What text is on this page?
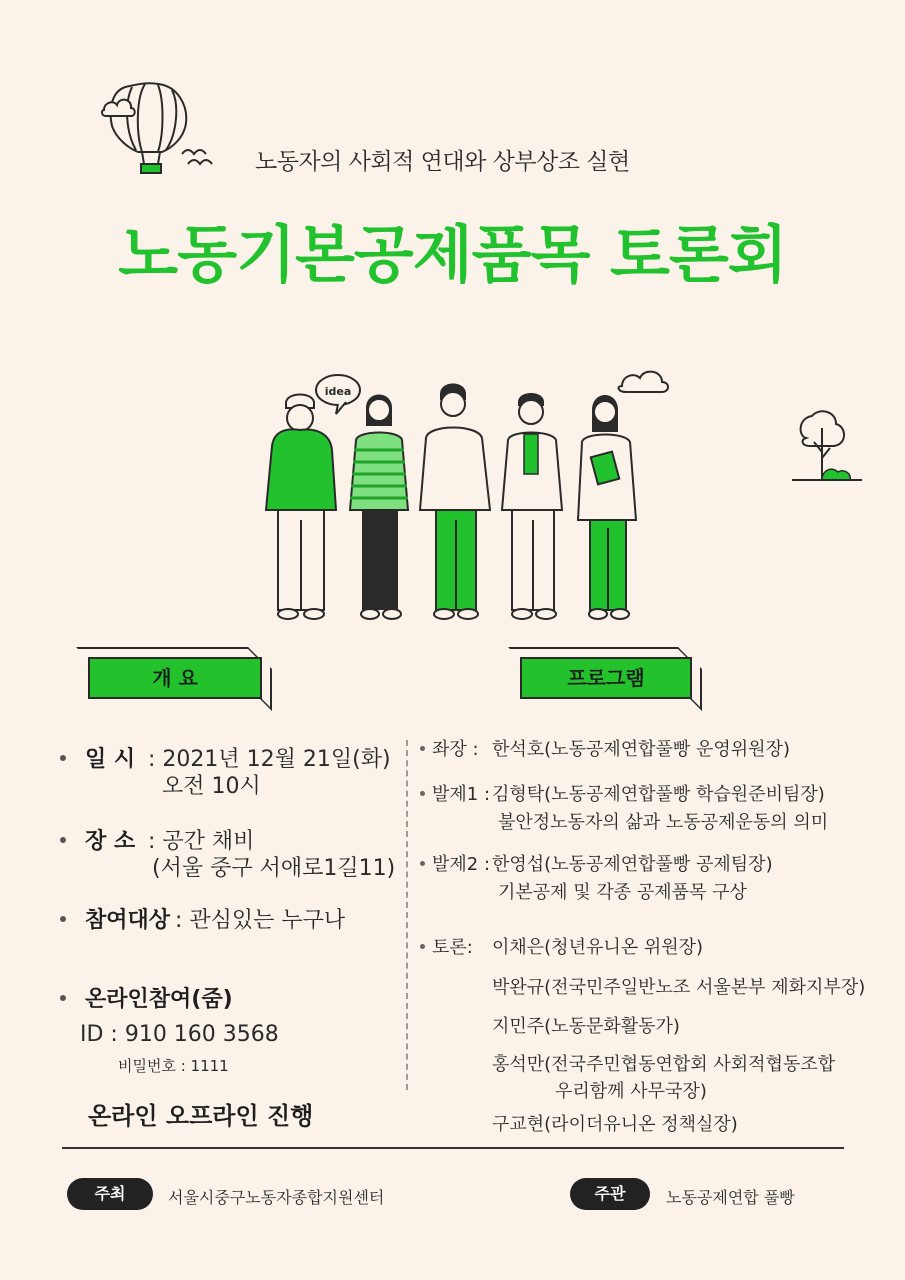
노동자의 사회적 연대와 상부상조 실현
노동기본공제품목 토론회
idea
개 요	프로그램
일 시 : 2021년 12월 21일(화)
오전 10시
장 소 : 공간 채비
(서울 중구 서애로1길11)
참여대상 : 관심있는 누구나
온라인참여(줌)
ID : 910 160 3568
비밀번호 : 1111
온라인 오프라인 진행
좌장 : 한석호(노동공제연합풀빵 운영위원장)
발제1 : 김형탁(노동공제연합풀빵 학습원준비팀장)
불안정노동자의 삶과 노동공제운동의 의미
발제2 : 한영섭(노동공제연합풀빵 공제팀장)
기본공제 및 각종 공제품목 구상
토론: 이채은(청년유니온 위원장)
박완규(전국민주일반노조 서울본부 제화지부장)
지민주(노동문화활동가)
홍석만(전국주민협동연합회 사회적협동조합
우리함께 사무국장)
구교현(라이더유니온 정책실장)
주최	서울시중구노동자종합지원센터	주관	노동공제연합 풀빵
